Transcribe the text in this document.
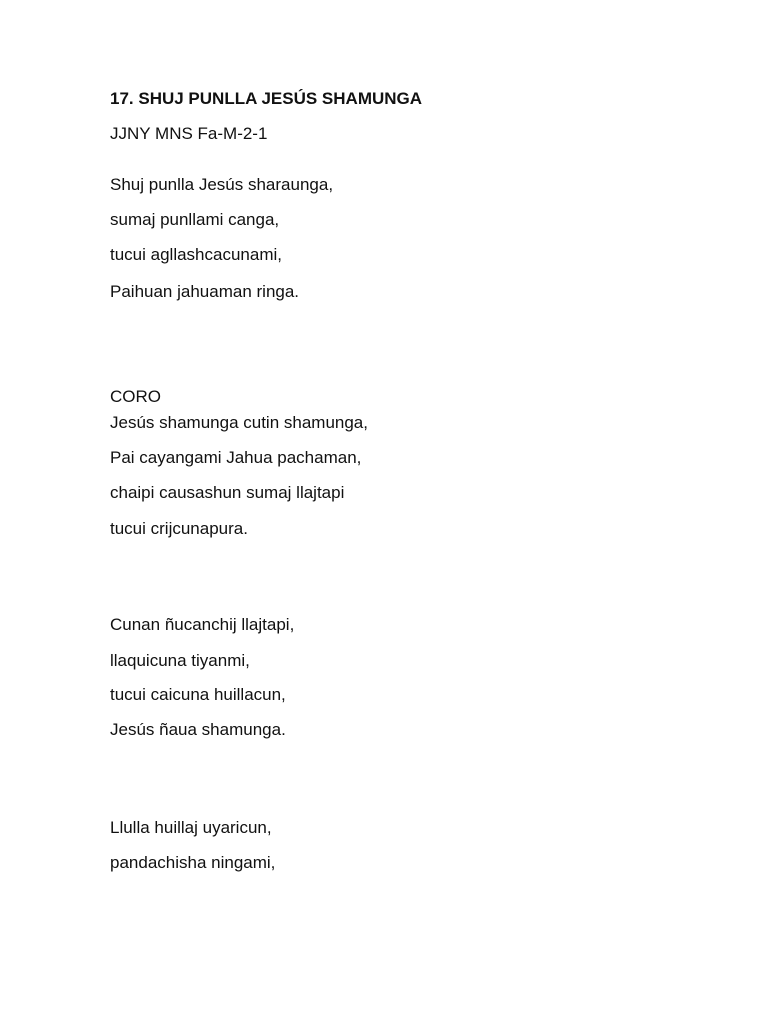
17. SHUJ PUNLLA JESÚS SHAMUNGA
JJNY MNS Fa-M-2-1
Shuj punlla Jesús sharaunga,
sumaj punllami canga,
tucui agllashcacunami,
Paihuan jahuaman ringa.
CORO
Jesús shamunga cutin shamunga,
Pai cayangami Jahua pachaman,
chaipi causashun sumaj llajtapi
tucui crijcunapura.
Cunan ñucanchij llajtapi,
llaquicuna tiyanmi,
tucui caicuna huillacun,
Jesús ñaua shamunga.
Llulla huillaj uyaricun,
pandachisha ningami,
